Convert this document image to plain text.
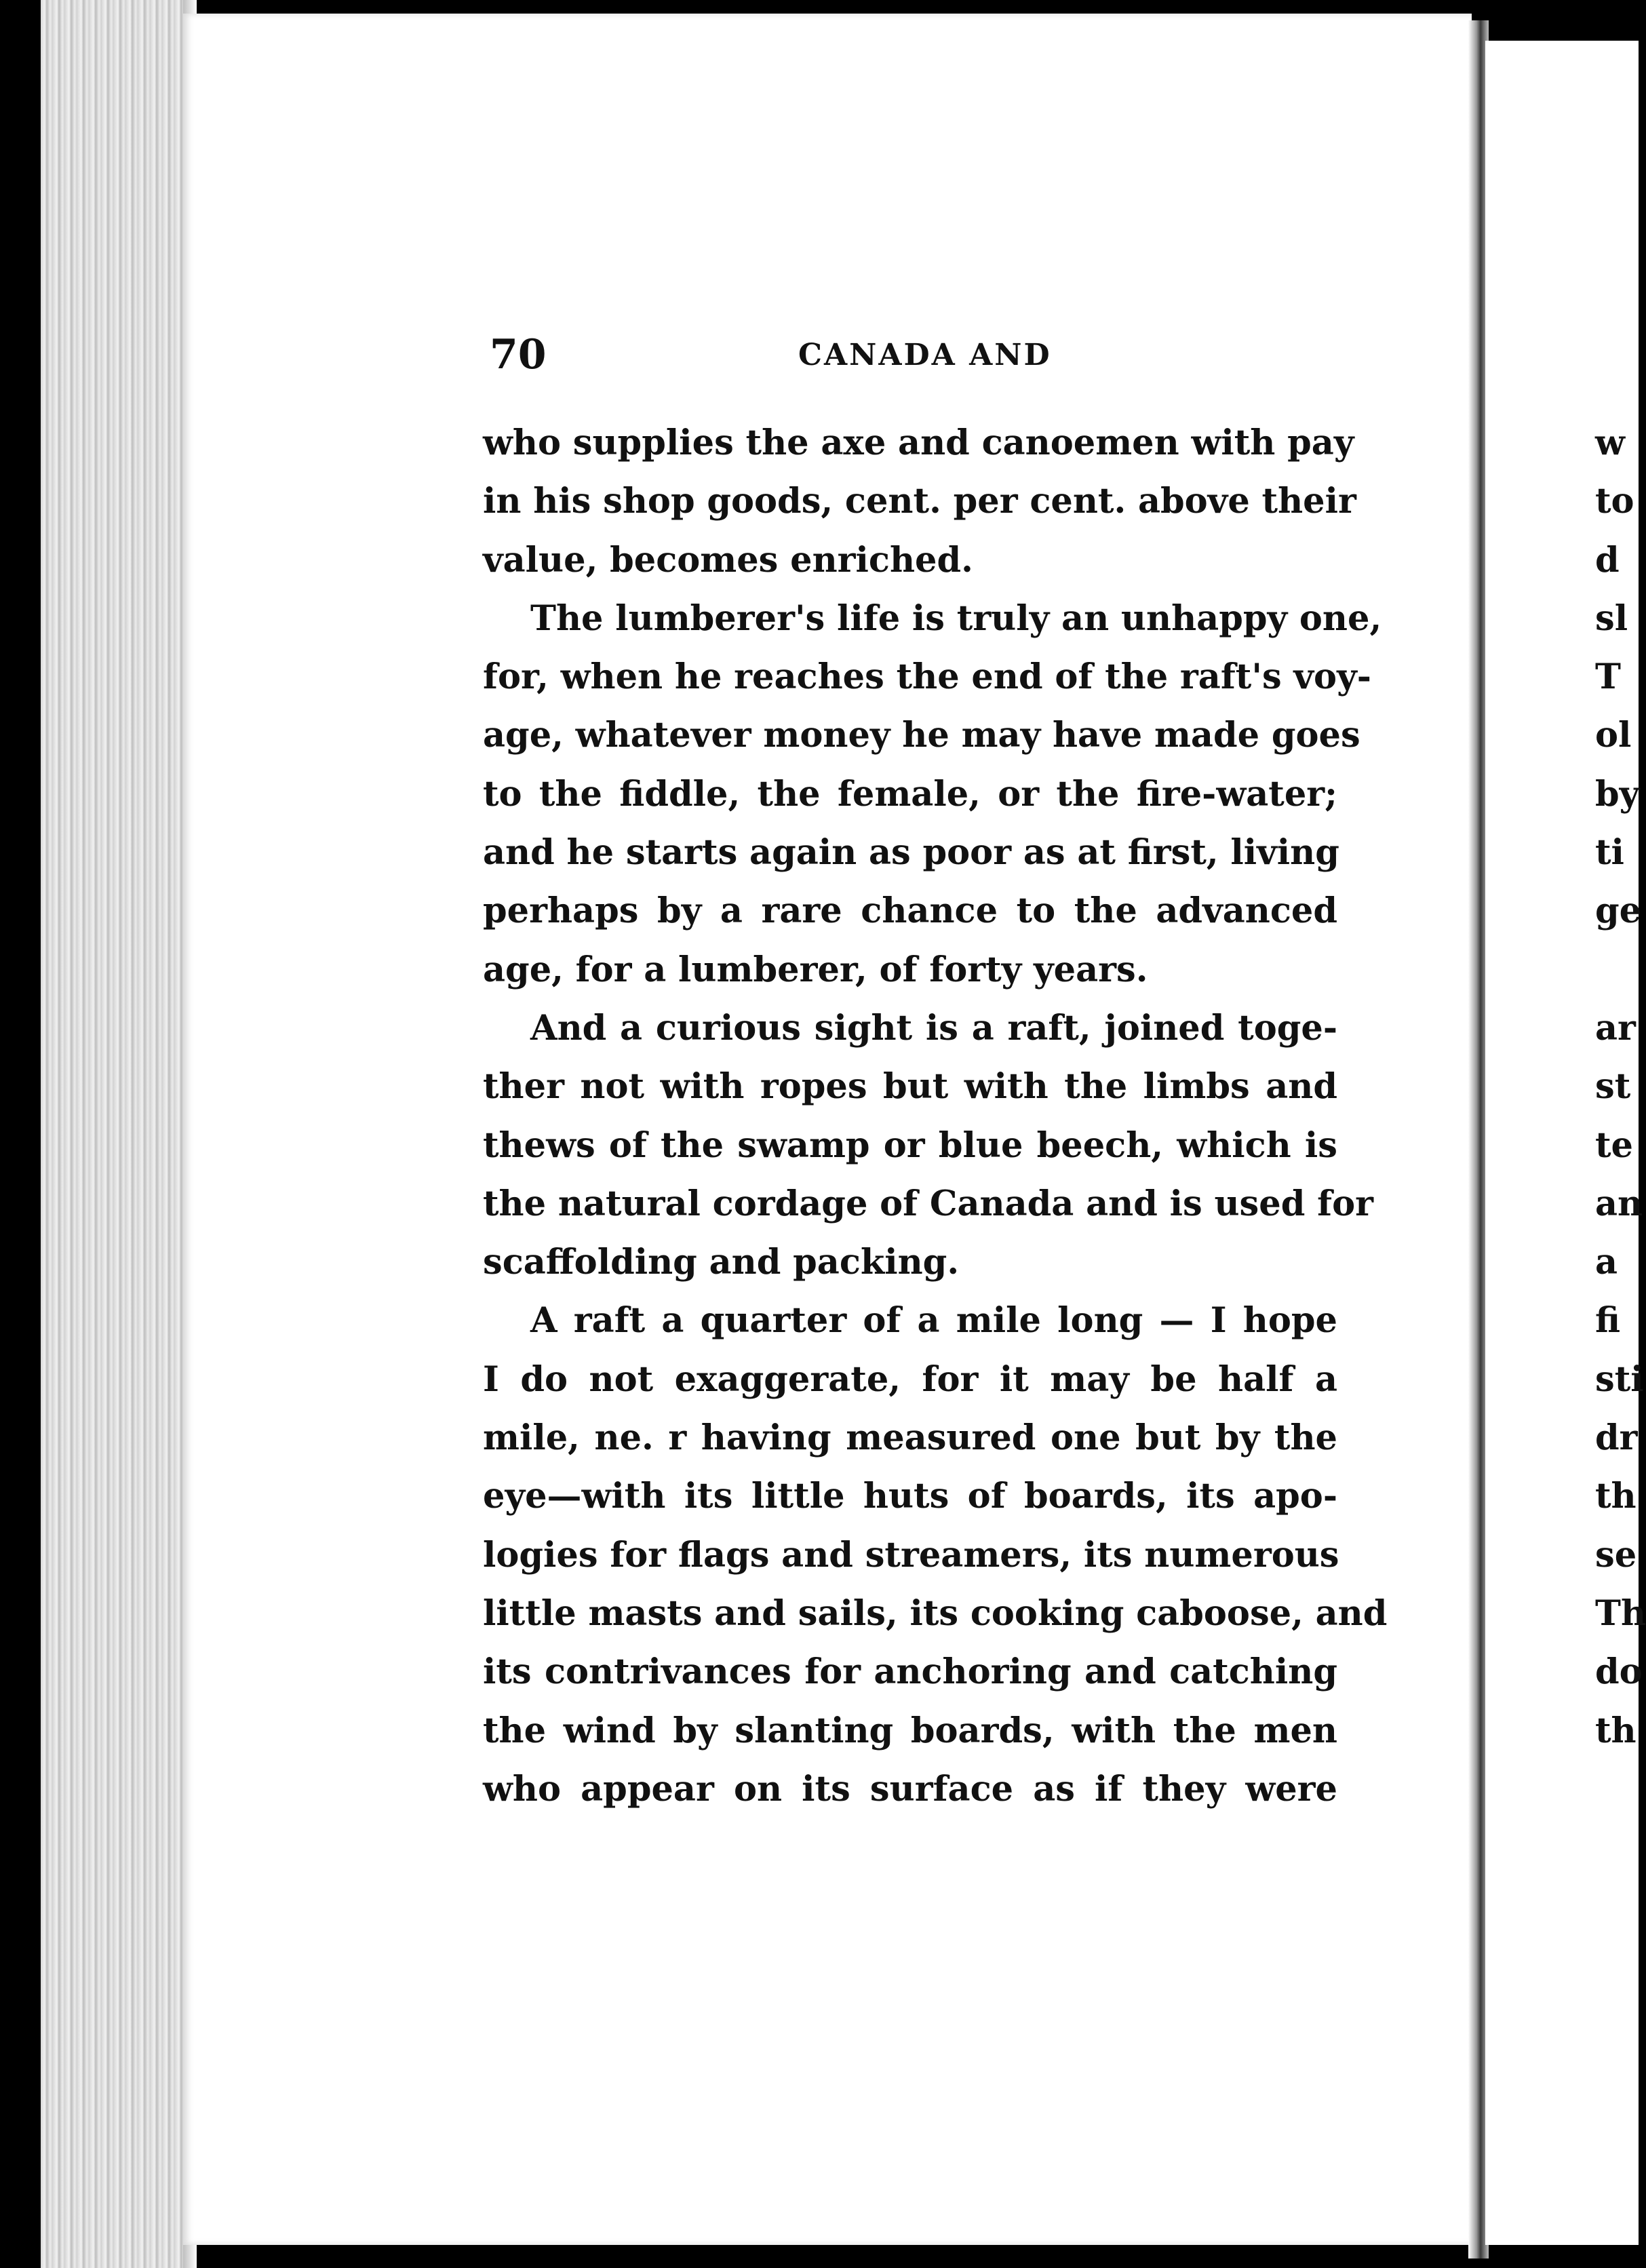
70	CANADA AND
who supplies the axe and canoemen with pay
in his shop goods, cent. per cent. above their
value, becomes enriched.
The lumberer's life is truly an unhappy one,
for, when he reaches the end of the raft's voy-
age, whatever money he may have made goes
to the fiddle, the female, or the fire-water;
and he starts again as poor as at first, living
perhaps by a rare chance to the advanced
age, for a lumberer, of forty years.
And a curious sight is a raft, joined toge-
ther not with ropes but with the limbs and
thews of the swamp or blue beech, which is
the natural cordage of Canada and is used for
scaffolding and packing.
A raft a quarter of a mile long — I hope
I do not exaggerate, for it may be half a
mile, ne. r having measured one but by the
eye—with its little huts of boards, its apo-
logies for flags and streamers, its numerous
little masts and sails, its cooking caboose, and
its contrivances for anchoring and catching
the wind by slanting boards, with the men
who appear on its surface as if they were
w
to
d
sl
T
ol
by
ti
ge
ar
st
te
an
a
fi
sti
dr
th
se
Th
do
th
